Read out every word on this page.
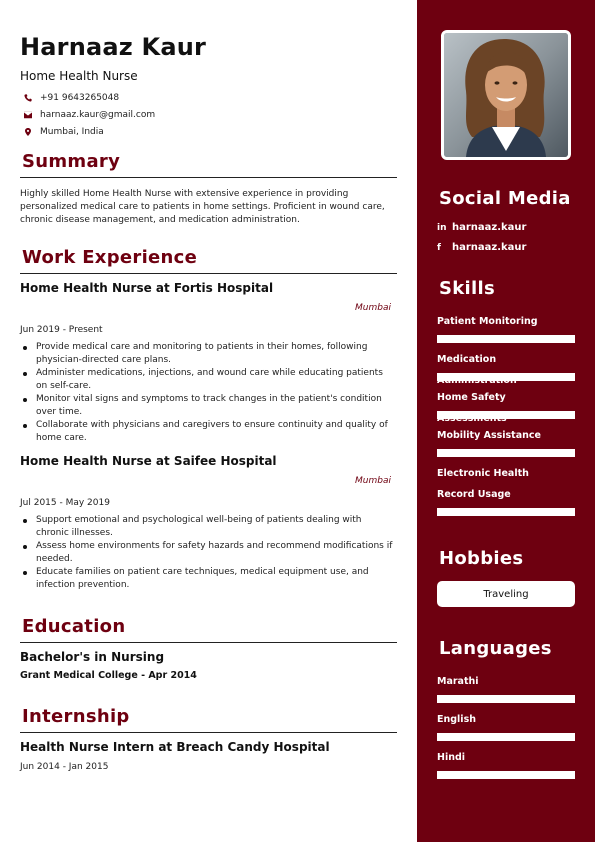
Harnaaz Kaur
Home Health Nurse
+91 9643265048
harnaaz.kaur@gmail.com
Mumbai, India
Summary
Highly skilled Home Health Nurse with extensive experience in providing
personalized medical care to patients in home settings. Proficient in wound care,
chronic disease management, and medication administration.
Work Experience
Home Health Nurse at Fortis Hospital
Mumbai
Jun 2019 - Present
Provide medical care and monitoring to patients in their homes, following
physician-directed care plans.
Administer medications, injections, and wound care while educating patients
on self-care.
Monitor vital signs and symptoms to track changes in the patient's condition
over time.
Collaborate with physicians and caregivers to ensure continuity and quality of
home care.
Home Health Nurse at Saifee Hospital
Mumbai
Jul 2015 - May 2019
Support emotional and psychological well-being of patients dealing with
chronic illnesses.
Assess home environments for safety hazards and recommend modifications if
needed.
Educate families on patient care techniques, medical equipment use, and
infection prevention.
Education
Bachelor's in Nursing
Grant Medical College - Apr 2014
Internship
Health Nurse Intern at Breach Candy Hospital
Jun 2014 - Jan 2015
Social Media
in harnaaz.kaur
f	harnaaz.kaur
Skills
Patient Monitoring
Medication
Home Safety
Mobility Assistance
Electronic Health Record Usage
Hobbies
Traveling
Languages
Marathi
English
Hindi
